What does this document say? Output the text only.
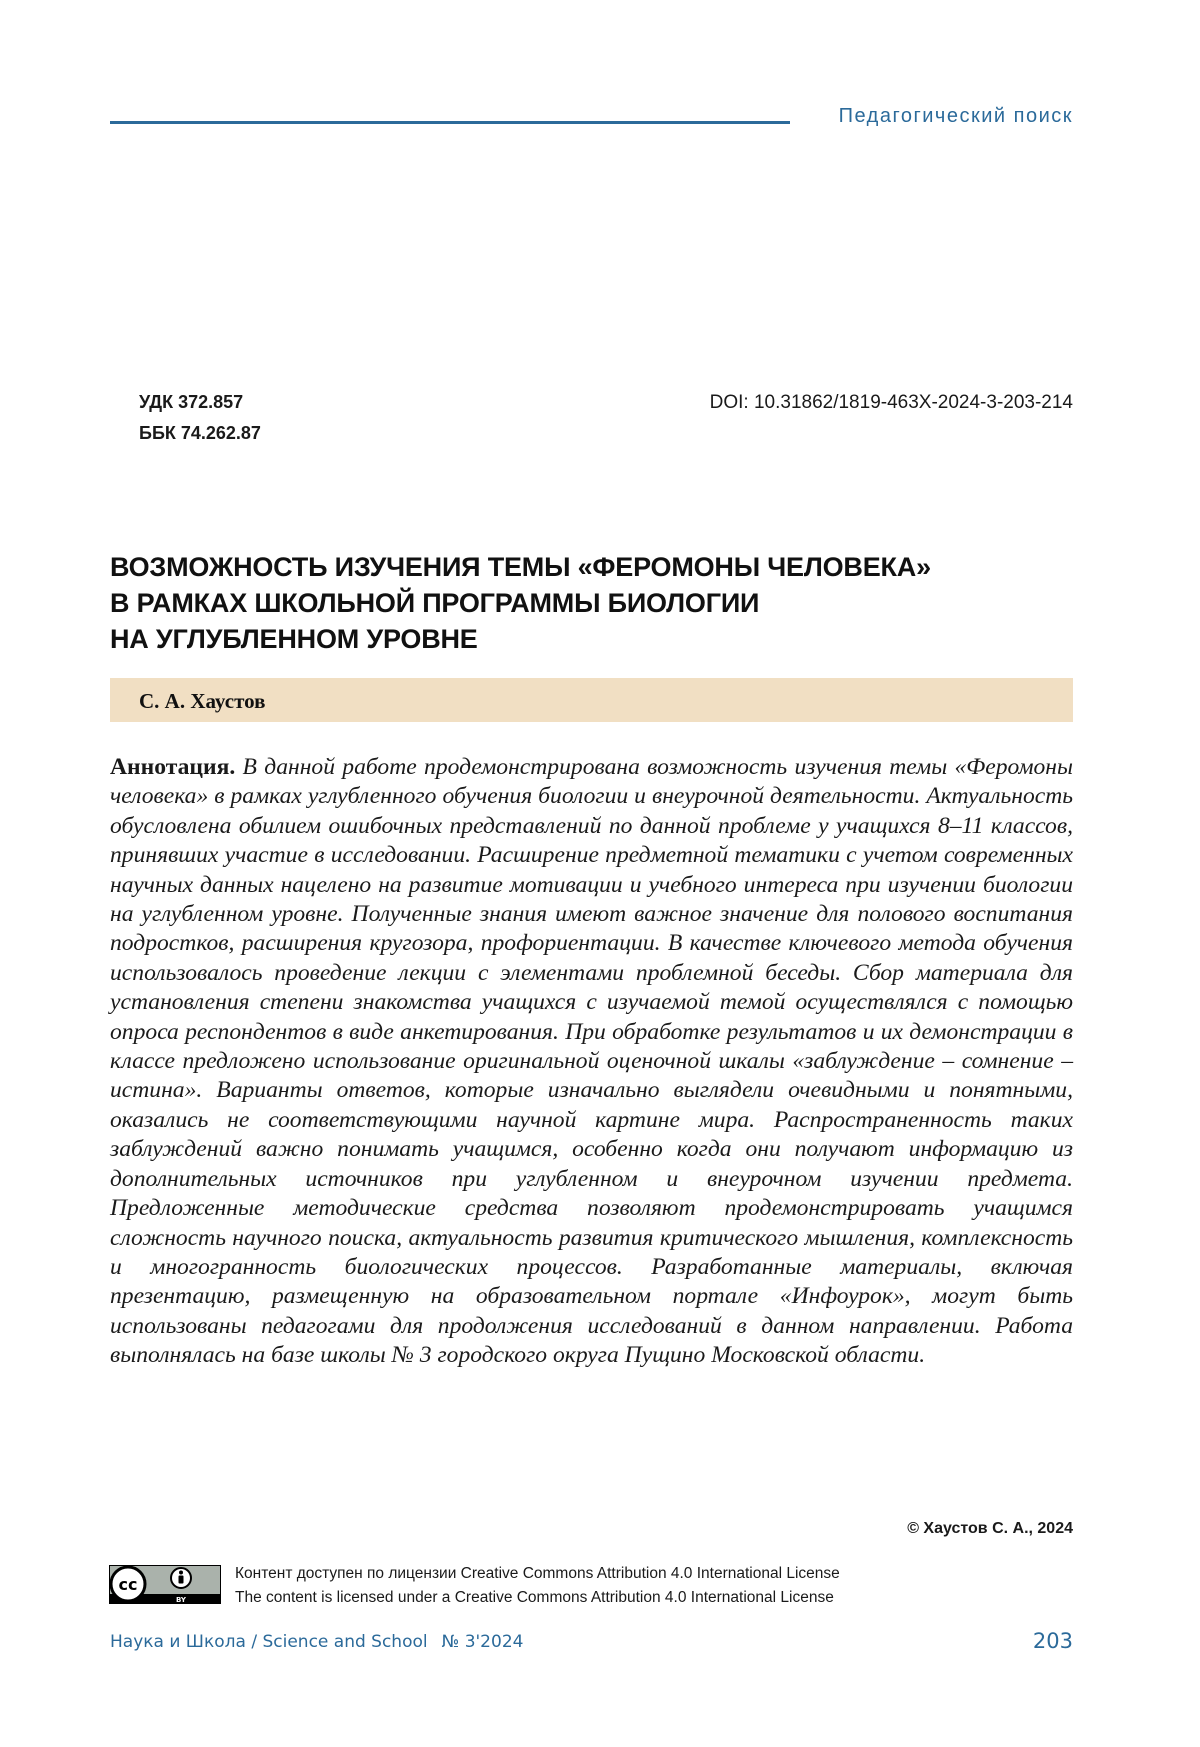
Педагогический поиск
УДК 372.857
ББК 74.262.87
DOI: 10.31862/1819-463X-2024-3-203-214
ВОЗМОЖНОСТЬ ИЗУЧЕНИЯ ТЕМЫ «ФЕРОМОНЫ ЧЕЛОВЕКА»
В РАМКАХ ШКОЛЬНОЙ ПРОГРАММЫ БИОЛОГИИ
НА УГЛУБЛЕННОМ УРОВНЕ
С. А. Хаустов

Аннотация. В данной работе продемонстрирована возможность изучения темы «Феромоны человека» в рамках углубленного обучения биологии и внеурочной деятельности. Актуальность обусловлена обилием ошибочных представлений по данной проблеме у учащихся 8–11 классов, принявших участие в исследовании. Расширение предметной тематики с учетом современных научных данных нацелено на развитие мотивации и учебного интереса при изучении биологии на углубленном уровне. Полученные знания имеют важное значение для полового воспитания подростков, расширения кругозора, профориентации. В качестве ключевого метода обучения использовалось проведение лекции с элементами проблемной беседы. Сбор материала для установления степени знакомства учащихся с изучаемой темой осуществлялся с помощью опроса респондентов в виде анкетирования. При обработке результатов и их демонстрации в классе предложено использование оригинальной оценочной шкалы «заблуждение – сомнение – истина». Варианты ответов, которые изначально выглядели очевидными и понятными, оказались не соответствующими научной картине мира. Распространенность таких заблуждений важно понимать учащимся, особенно когда они получают информацию из дополнительных источников при углубленном и внеурочном изучении предмета. Предложенные методические средства позволяют продемонстрировать учащимся сложность научного поиска, актуальность развития критического мышления, комплексность и многогранность биологических процессов. Разработанные материалы, включая презентацию, размещенную на образовательном портале «Инфоурок», могут быть использованы педагогами для продолжения исследований в данном направлении. Работа выполнялась на базе школы № 3 городского округа Пущино Московской области.

© Хаустов С. А., 2024
cc
BY
Контент доступен по лицензии Creative Commons Attribution 4.0 International License
The content is licensed under a Creative Commons Attribution 4.0 International License
Наука и Школа / Science and School № 3'2024	203
